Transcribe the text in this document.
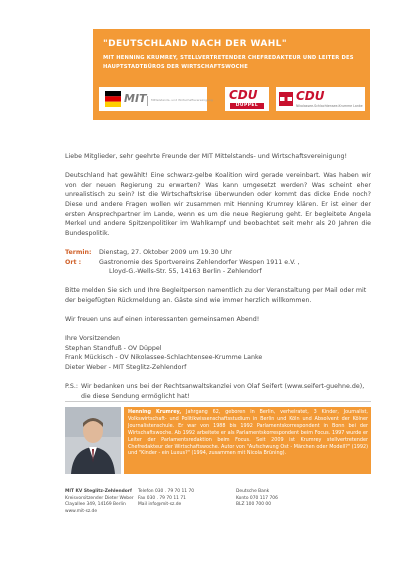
"DEUTSCHLAND NACH DER WAHL"
MIT HENNING KRUMREY, STELLVERTRETENDER CHEFREDAKTEUR UND LEITER DES HAUPTSTADTBÜROS DER WIRTSCHAFTSWOCHE
MIT Mittelstands- und Wirtschaftsvereinigung CDU
DÜPPEL
CDU
Nikolassee-Schlachtensee-Krumme Lanke

Liebe Mitglieder, sehr geehrte Freunde der MIT Mittelstands- und Wirtschaftsvereinigung!

Deutschland hat gewählt! Eine schwarz-gelbe Koalition wird gerade vereinbart. Was haben wir von der neuen Regierung zu erwarten? Was kann umgesetzt werden? Was scheint eher unrealistisch zu sein? Ist die Wirtschaftskrise überwunden oder kommt das dicke Ende noch? Diese und andere Fragen wollen wir zusammen mit Henning Krumrey klären. Er ist einer der ersten Ansprechpartner im Lande, wenn es um die neue Regierung geht. Er begleitete Angela Merkel und andere Spitzenpolitiker im Wahlkampf und beobachtet seit mehr als 20 Jahren die Bundespolitik.

Termin:	Dienstag, 27. Oktober 2009 um 19.30 Uhr
Ort :	Gastronomie des Sportvereins Zehlendorfer Wespen 1911 e.V. ,
Lloyd-G.-Wells-Str. 55, 14163 Berlin - Zehlendorf

Bitte melden Sie sich und Ihre Begleitperson namentlich zu der Veranstaltung per Mail oder mit der beigefügten Rückmeldung an. Gäste sind wie immer herzlich willkommen.

Wir freuen uns auf einen interessanten gemeinsamen Abend!

Ihre Vorsitzenden

Stephan Standfuß - OV Düppel

Frank Mückisch - OV Nikolassee-Schlachtensee-Krumme Lanke

Dieter Weber - MIT Steglitz-Zehlendorf

P.S.: Wir bedanken uns bei der Rechtsanwaltskanzlei von Olaf Seifert (www.seifert-guehne.de), die diese Sendung ermöglicht hat!
Henning Krumrey, Jahrgang 62, geboren in Berlin, verheiratet, 3 Kinder, Journalist, Volkswirtschaft- und Politikwissenschaftsstudium in Berlin und Köln und Absolvent der Kölner Journalistenschule. Er war von 1988 bis 1992 Parlamentskorrespondent in Bonn bei der Wirtschaftswoche. Ab 1992 arbeitete er als Parlamentskorrespondent beim Focus. 1997 wurde er Leiter der Parlamentsredaktion beim Focus. Seit 2009 ist Krumrey stellvertretender Chefredakteur der Wirtschaftswoche. Autor von "Aufschwung Ost - Märchen oder Modell?" (1992) und "Kinder - ein Luxus?" (1994, zusammen mit Nicola Brüning).
MIT KV Steglitz-Zehlendorf
Kreisvorsitzender Dieter Weber
Clayallee 349, 14169 Berlin
www.mit-sz.de
Telefon 030 . 79 70 11 70
Fax 030 . 79 70 11 71
Mail info@mit-sz.de
Deutsche Bank
Konto 070 117 706
BLZ 100 700 00
